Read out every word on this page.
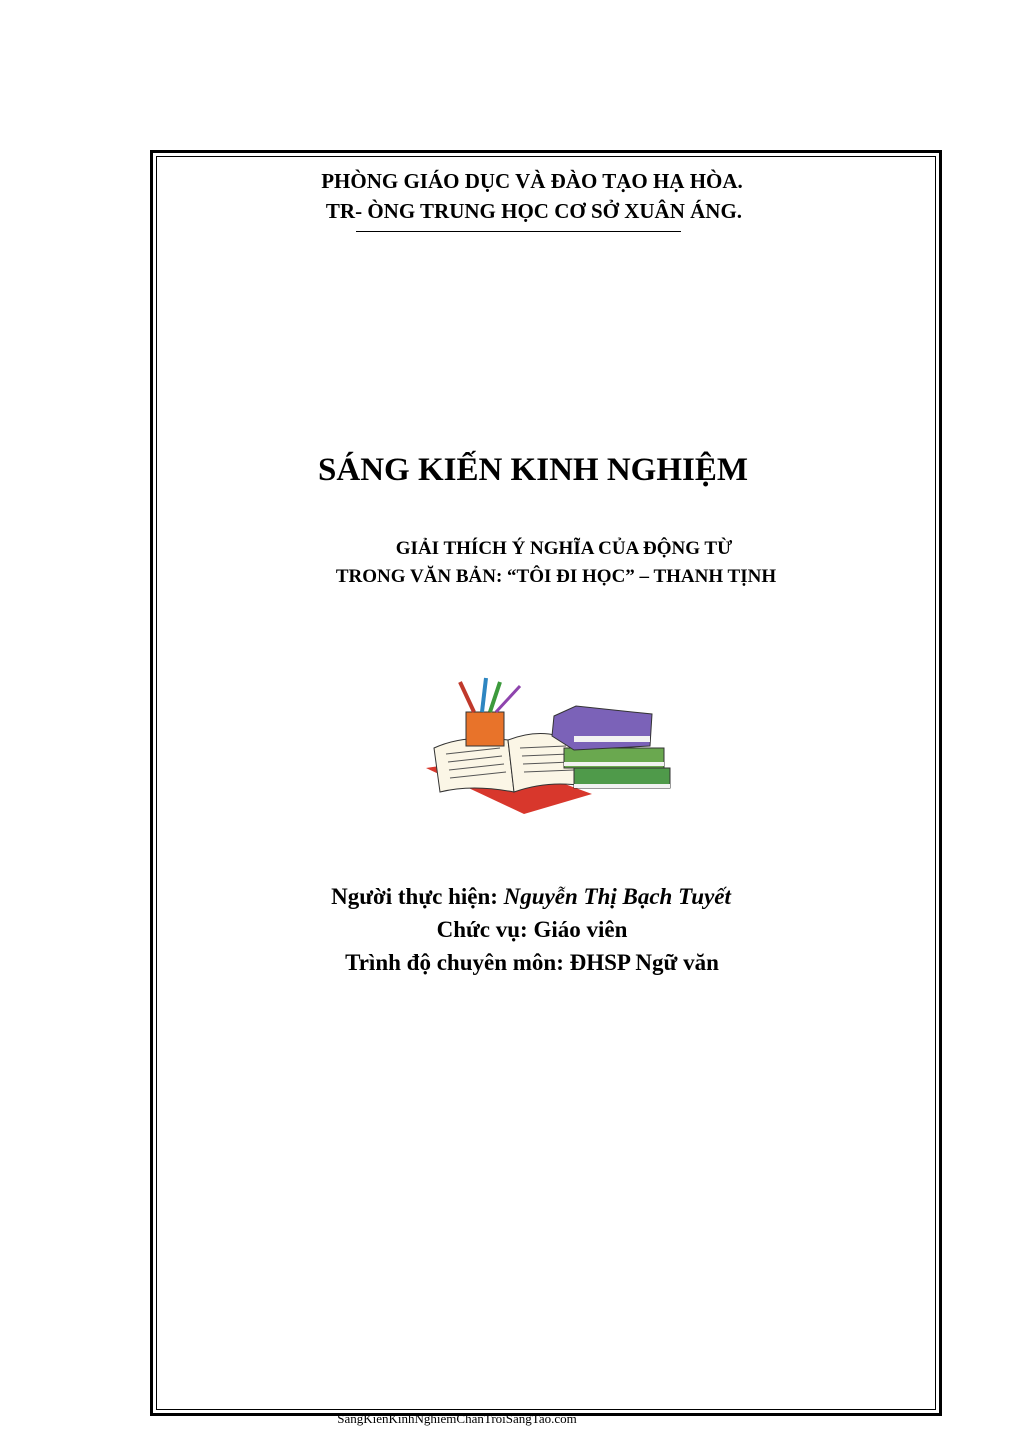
PHÒNG GIÁO DỤC VÀ ĐÀO TẠO HẠ HÒA.
TR- ÒNG TRUNG HỌC CƠ SỞ XUÂN ÁNG.
SÁNG KIẾN KINH NGHIỆM
GIẢI THÍCH Ý NGHĨA CỦA ĐỘNG TỪ
TRONG VĂN BẢN: “TÔI ĐI HỌC” – THANH TỊNH
Người thực hiện: Nguyễn Thị Bạch Tuyết
Chức vụ: Giáo viên
Trình độ chuyên môn: ĐHSP Ngữ văn
SangKienKinhNghiemChanTroiSangTao.com
